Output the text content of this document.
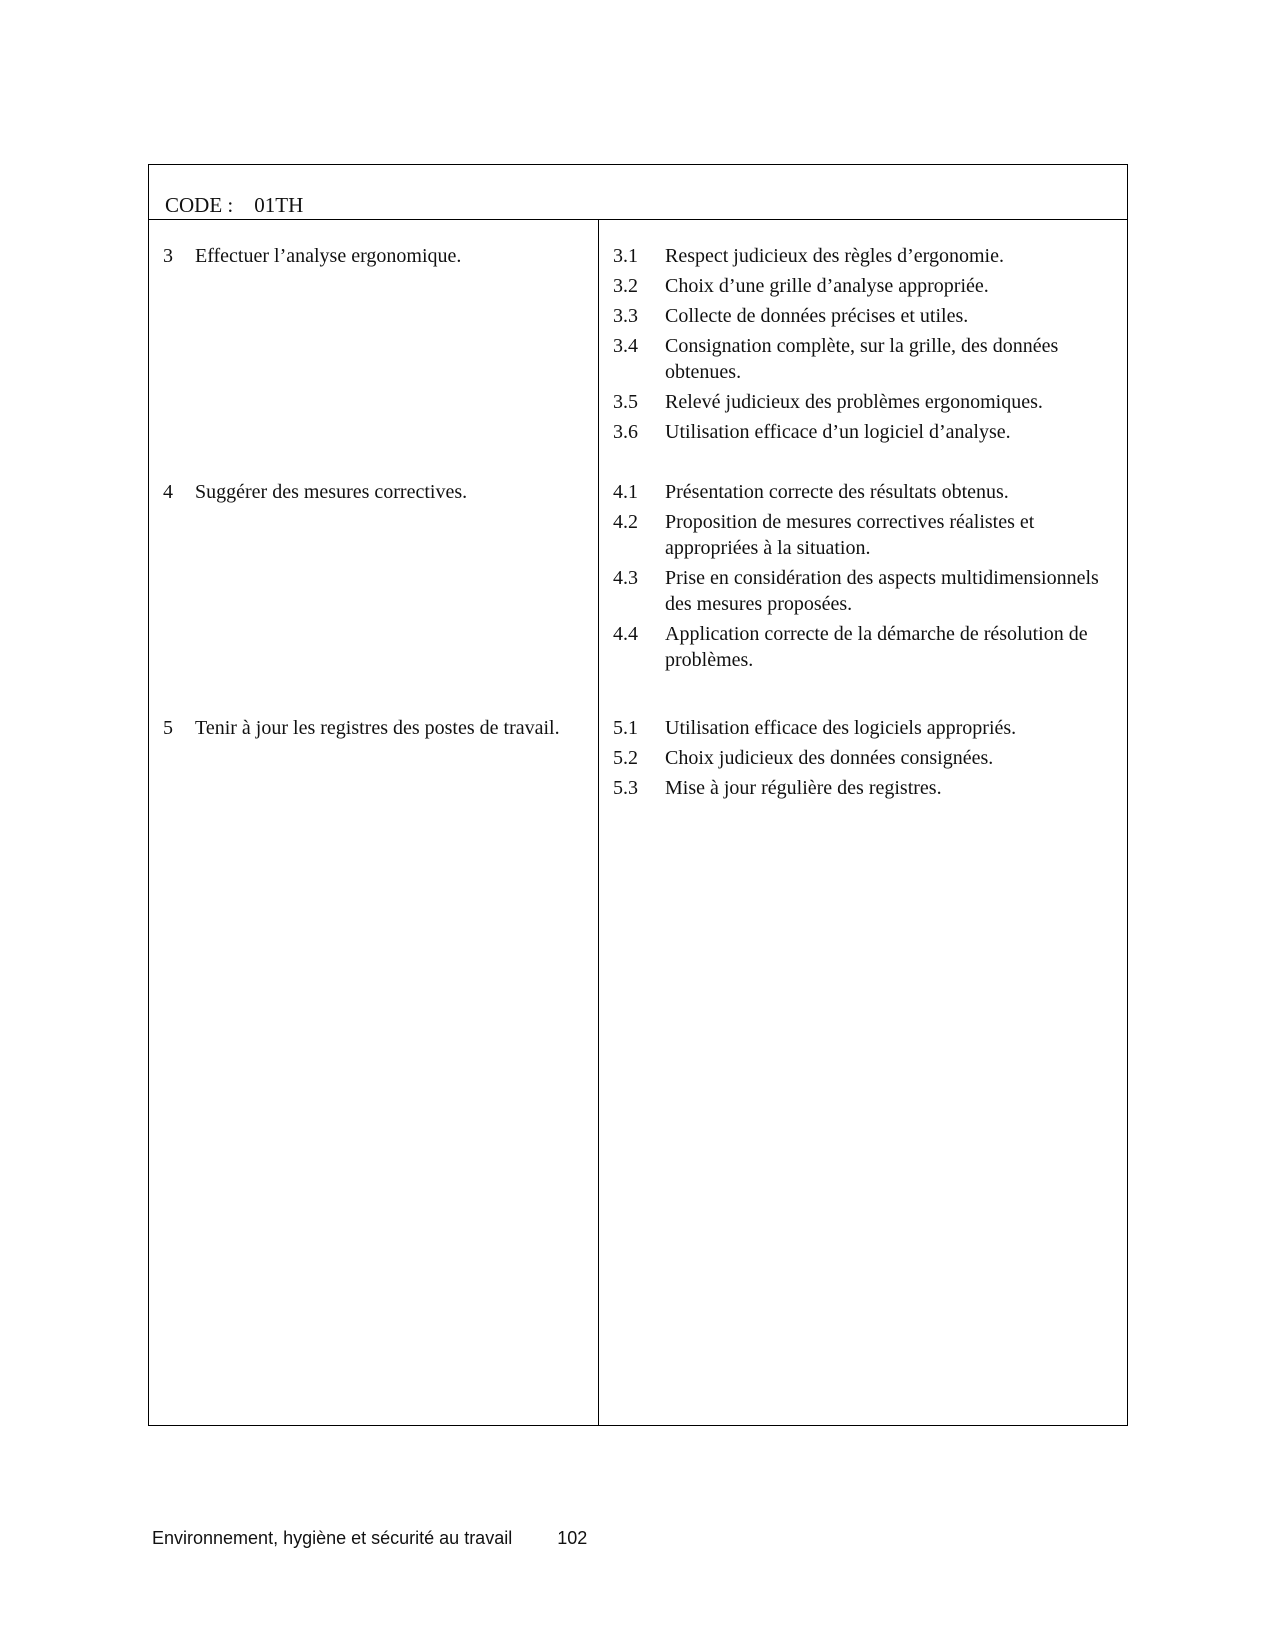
CODE : 01TH
3	Effectuer l’analyse ergonomique.	3.1	Respect judicieux des règles d’ergonomie.
3.2	Choix d’une grille d’analyse appropriée.
3.3	Collecte de données précises et utiles.
3.4	Consignation complète, sur la grille, des données obtenues.
3.5	Relevé judicieux des problèmes ergonomiques.
3.6	Utilisation efficace d’un logiciel d’analyse.
4	Suggérer des mesures correctives.	4.1	Présentation correcte des résultats obtenus.
4.2	Proposition de mesures correctives réalistes et appropriées à la situation.
4.3	Prise en considération des aspects multidimensionnels des mesures proposées.
4.4	Application correcte de la démarche de résolution de problèmes.
5	Tenir à jour les registres des postes de travail.	5.1	Utilisation efficace des logiciels appropriés.
5.2	Choix judicieux des données consignées.
5.3	Mise à jour régulière des registres.
Environnement, hygiène et sécurité au travail	102
